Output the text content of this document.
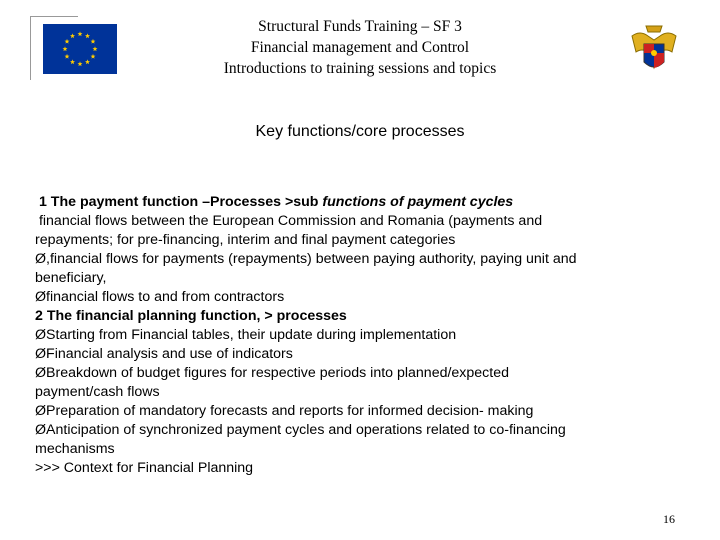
Structural Funds Training – SF 3
Financial management and Control
Introductions to training sessions and topics
Key functions/core processes
1 The payment function –Processes >sub functions of payment cycles
financial flows between the European Commission and Romania (payments and
repayments; for pre-financing, interim and final payment categories
Ø,financial flows for payments (repayments) between paying authority, paying unit and
beneficiary,
Øfinancial flows to and from contractors
2 The financial planning function, > processes
ØStarting from Financial tables, their update during implementation
ØFinancial analysis and use of indicators
ØBreakdown of budget figures for respective periods into planned/expected
payment/cash flows
ØPreparation of mandatory forecasts and reports for informed decision- making
ØAnticipation of synchronized payment cycles and operations related to co-financing
mechanisms
>>> Context for Financial Planning
16
